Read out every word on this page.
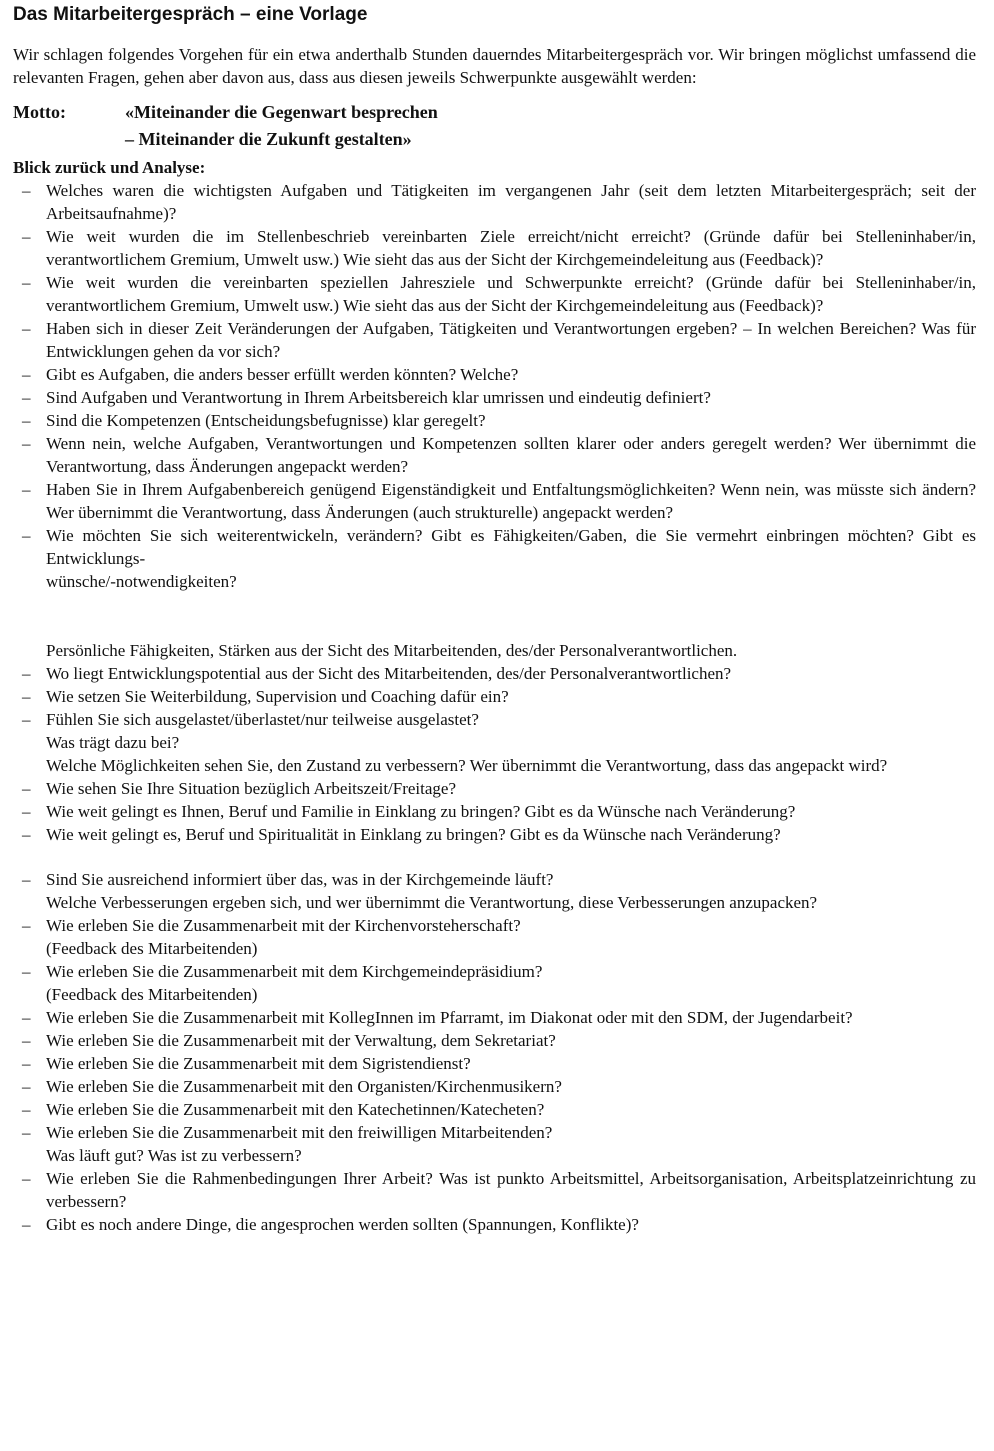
Das Mitarbeitergespräch – eine Vorlage

Wir schlagen folgendes Vorgehen für ein etwa anderthalb Stunden dauerndes Mitarbeitergespräch vor. Wir bringen möglichst umfassend die relevanten Fragen, gehen aber davon aus, dass aus diesen jeweils Schwerpunkte ausgewählt werden:

Motto:	«Miteinander die Gegenwart besprechen
– Miteinander die Zukunft gestalten»
Blick zurück und Analyse:
– Welches waren die wichtigsten Aufgaben und Tätigkeiten im vergangenen Jahr (seit dem letzten Mitarbeitergespräch; seit der Arbeitsaufnahme)?
– Wie weit wurden die im Stellenbeschrieb vereinbarten Ziele erreicht/nicht erreicht? (Gründe dafür bei Stelleninhaber/in, verantwortlichem Gremium, Umwelt usw.) Wie sieht das aus der Sicht der Kirchgemeindeleitung aus (Feedback)?
– Wie weit wurden die vereinbarten speziellen Jahresziele und Schwerpunkte erreicht? (Gründe dafür bei Stelleninhaber/in, verantwortlichem Gremium, Umwelt usw.) Wie sieht das aus der Sicht der Kirchgemeindeleitung aus (Feedback)?
– Haben sich in dieser Zeit Veränderungen der Aufgaben, Tätigkeiten und Verantwortungen ergeben? – In welchen Bereichen? Was für Entwicklungen gehen da vor sich?
– Gibt es Aufgaben, die anders besser erfüllt werden könnten? Welche?
– Sind Aufgaben und Verantwortung in Ihrem Arbeitsbereich klar umrissen und eindeutig definiert?
– Sind die Kompetenzen (Entscheidungsbefugnisse) klar geregelt?
– Wenn nein, welche Aufgaben, Verantwortungen und Kompetenzen sollten klarer oder anders geregelt werden? Wer übernimmt die Verantwortung, dass Änderungen angepackt werden?
– Haben Sie in Ihrem Aufgabenbereich genügend Eigenständigkeit und Entfaltungsmöglichkeiten? Wenn nein, was müsste sich ändern? Wer übernimmt die Verantwortung, dass Änderungen (auch strukturelle) angepackt werden?
– Wie möchten Sie sich weiterentwickeln, verändern? Gibt es Fähigkeiten/Gaben, die Sie vermehrt einbringen möchten? Gibt es Entwicklungs-
wünsche/-notwendigkeiten?
Persönliche Fähigkeiten, Stärken aus der Sicht des Mitarbeitenden, des/der Personalverantwortlichen.
– Wo liegt Entwicklungspotential aus der Sicht des Mitarbeitenden, des/der Personalverantwortlichen?
– Wie setzen Sie Weiterbildung, Supervision und Coaching dafür ein?
– Fühlen Sie sich ausgelastet/überlastet/nur teilweise ausgelastet?
Was trägt dazu bei?
Welche Möglichkeiten sehen Sie, den Zustand zu verbessern? Wer übernimmt die Verantwortung, dass das angepackt wird?
– Wie sehen Sie Ihre Situation bezüglich Arbeitszeit/Freitage?
– Wie weit gelingt es Ihnen, Beruf und Familie in Einklang zu bringen? Gibt es da Wünsche nach Veränderung?
– Wie weit gelingt es, Beruf und Spiritualität in Einklang zu bringen? Gibt es da Wünsche nach Veränderung?
– Sind Sie ausreichend informiert über das, was in der Kirchgemeinde läuft?
Welche Verbesserungen ergeben sich, und wer übernimmt die Verantwortung, diese Verbesserungen anzupacken?
– Wie erleben Sie die Zusammenarbeit mit der Kirchenvorsteherschaft?
(Feedback des Mitarbeitenden)
– Wie erleben Sie die Zusammenarbeit mit dem Kirchgemeindepräsidium?
(Feedback des Mitarbeitenden)
– Wie erleben Sie die Zusammenarbeit mit KollegInnen im Pfarramt, im Diakonat oder mit den SDM, der Jugendarbeit?
– Wie erleben Sie die Zusammenarbeit mit der Verwaltung, dem Sekretariat?
– Wie erleben Sie die Zusammenarbeit mit dem Sigristendienst?
– Wie erleben Sie die Zusammenarbeit mit den Organisten/Kirchenmusikern?
– Wie erleben Sie die Zusammenarbeit mit den Katechetinnen/Katecheten?
– Wie erleben Sie die Zusammenarbeit mit den freiwilligen Mitarbeitenden?
Was läuft gut? Was ist zu verbessern?
– Wie erleben Sie die Rahmenbedingungen Ihrer Arbeit? Was ist punkto Arbeitsmittel, Arbeitsorganisation, Arbeitsplatzeinrichtung zu verbessern?
– Gibt es noch andere Dinge, die angesprochen werden sollten (Spannungen, Konflikte)?
